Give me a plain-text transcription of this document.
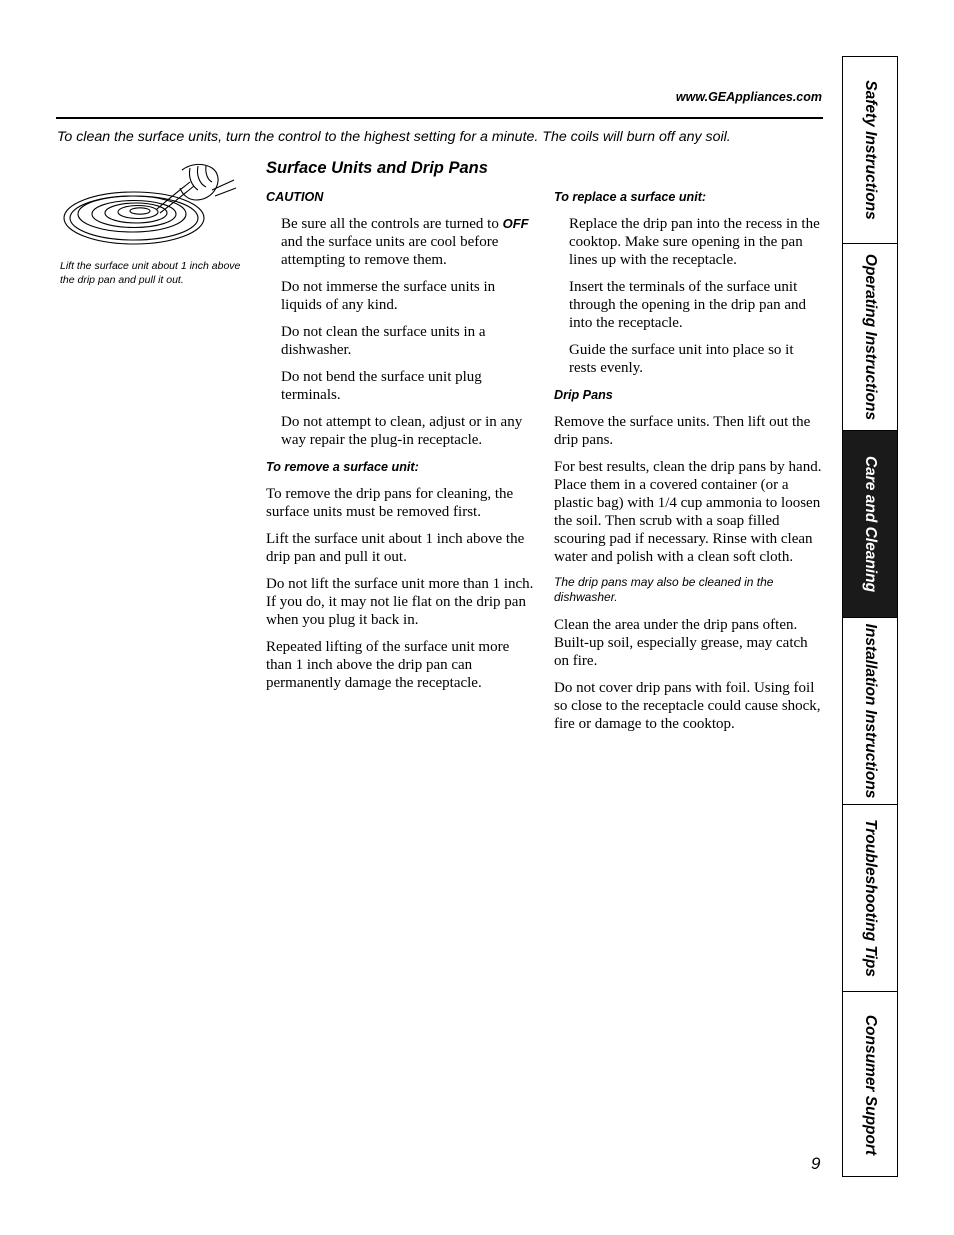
www.GEAppliances.com
To clean the surface units, turn the control to the highest setting for a minute. The coils will burn off any soil.
Lift the surface unit about 1 inch above the drip pan and pull it out.
Surface Units and Drip Pans
CAUTION

Be sure all the controls are turned to OFF and the surface units are cool before attempting to remove them.

Do not immerse the surface units in liquids of any kind.

Do not clean the surface units in a dishwasher.

Do not bend the surface unit plug terminals.

Do not attempt to clean, adjust or in any way repair the plug-in receptacle.

To remove a surface unit:

To remove the drip pans for cleaning, the surface units must be removed first.

Lift the surface unit about 1 inch above the drip pan and pull it out.

Do not lift the surface unit more than 1 inch. If you do, it may not lie flat on the drip pan when you plug it back in.

Repeated lifting of the surface unit more than 1 inch above the drip pan can permanently damage the receptacle.

To replace a surface unit:

Replace the drip pan into the recess in the cooktop. Make sure opening in the pan lines up with the receptacle.

Insert the terminals of the surface unit through the opening in the drip pan and into the receptacle.

Guide the surface unit into place so it rests evenly.

Drip Pans

Remove the surface units. Then lift out the drip pans.

For best results, clean the drip pans by hand. Place them in a covered container (or a plastic bag) with 1/4 cup ammonia to loosen the soil. Then scrub with a soap filled scouring pad if necessary. Rinse with clean water and polish with a clean soft cloth.

The drip pans may also be cleaned in the dishwasher.

Clean the area under the drip pans often. Built-up soil, especially grease, may catch on fire.

Do not cover drip pans with foil. Using foil so close to the receptacle could cause shock, fire or damage to the cooktop.

Safety Instructions
Operating Instructions
Care and Cleaning
Installation Instructions
Troubleshooting Tips
Consumer Support
9
